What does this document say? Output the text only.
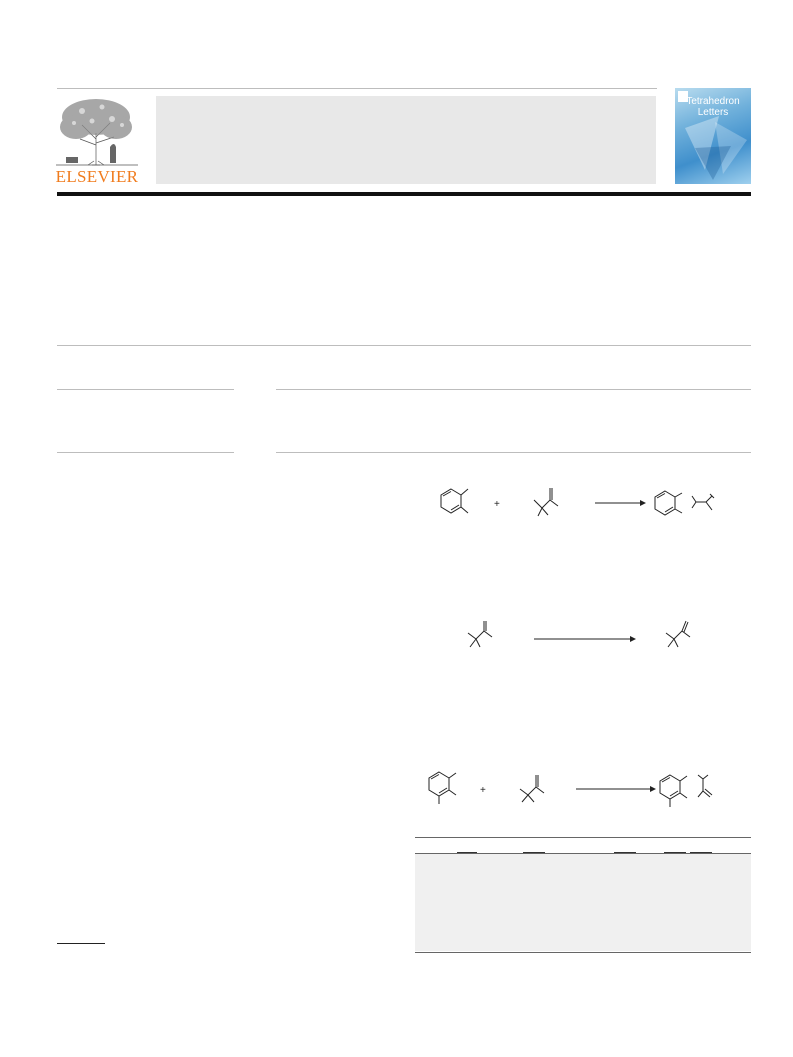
ELSEVIER
Tetrahedron
Letters
+
+
